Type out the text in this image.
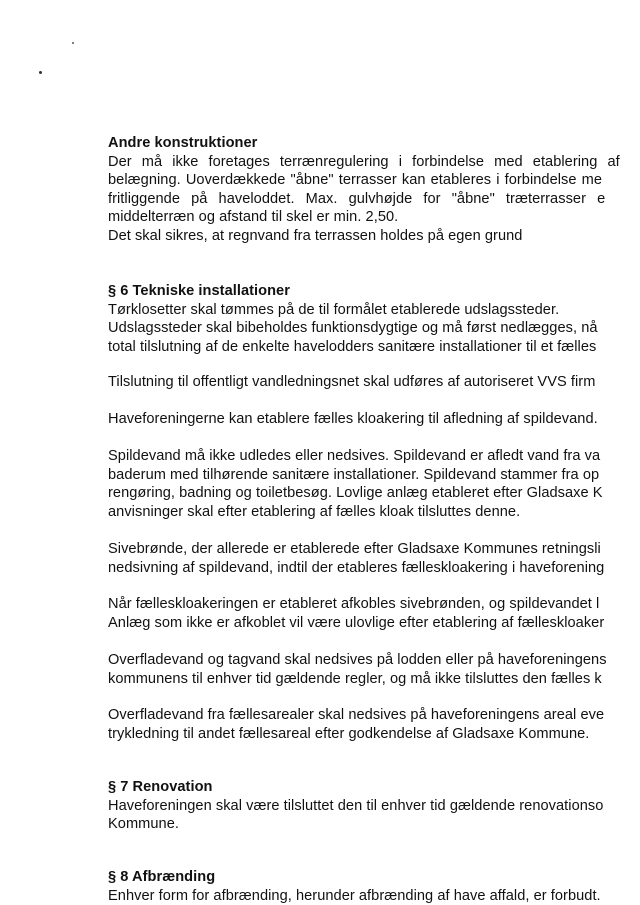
Andre konstruktioner
Der må ikke foretages terrænregulering i forbindelse med etablering af
belægning. Uoverdækkede "åbne" terrasser kan etableres i forbindelse me
fritliggende på haveloddet. Max. gulvhøjde for "åbne" træterrasser e
middelterræn og afstand til skel er min. 2,50.
Det skal sikres, at regnvand fra terrassen holdes på egen grund
§ 6 Tekniske installationer
Tørklosetter skal tømmes på de til formålet etablerede udslagssteder.
Udslagssteder skal bibeholdes funktionsdygtige og må først nedlægges, nå
total tilslutning af de enkelte havelodders sanitære installationer til et fælles
Tilslutning til offentligt vandledningsnet skal udføres af autoriseret VVS firm
Haveforeningerne kan etablere fælles kloakering til afledning af spildevand.
Spildevand må ikke udledes eller nedsives. Spildevand er afledt vand fra va
baderum med tilhørende sanitære installationer. Spildevand stammer fra op
rengøring, badning og toiletbesøg. Lovlige anlæg etableret efter Gladsaxe K
anvisninger skal efter etablering af fælles kloak tilsluttes denne.
Sivebrønde, der allerede er etablerede efter Gladsaxe Kommunes retningsli
nedsivning af spildevand, indtil der etableres fælleskloakering i haveforening
Når fælleskloakeringen er etableret afkobles sivebrønden, og spildevandet l
Anlæg som ikke er afkoblet vil være ulovlige efter etablering af fælleskloaker
Overfladevand og tagvand skal nedsives på lodden eller på haveforeningens
kommunens til enhver tid gældende regler, og må ikke tilsluttes den fælles k
Overfladevand fra fællesarealer skal nedsives på haveforeningens areal eve
trykledning til andet fællesareal efter godkendelse af Gladsaxe Kommune.
§ 7 Renovation
Haveforeningen skal være tilsluttet den til enhver tid gældende renovationso
Kommune.
§ 8 Afbrænding
Enhver form for afbrænding, herunder afbrænding af have affald, er forbudt.
